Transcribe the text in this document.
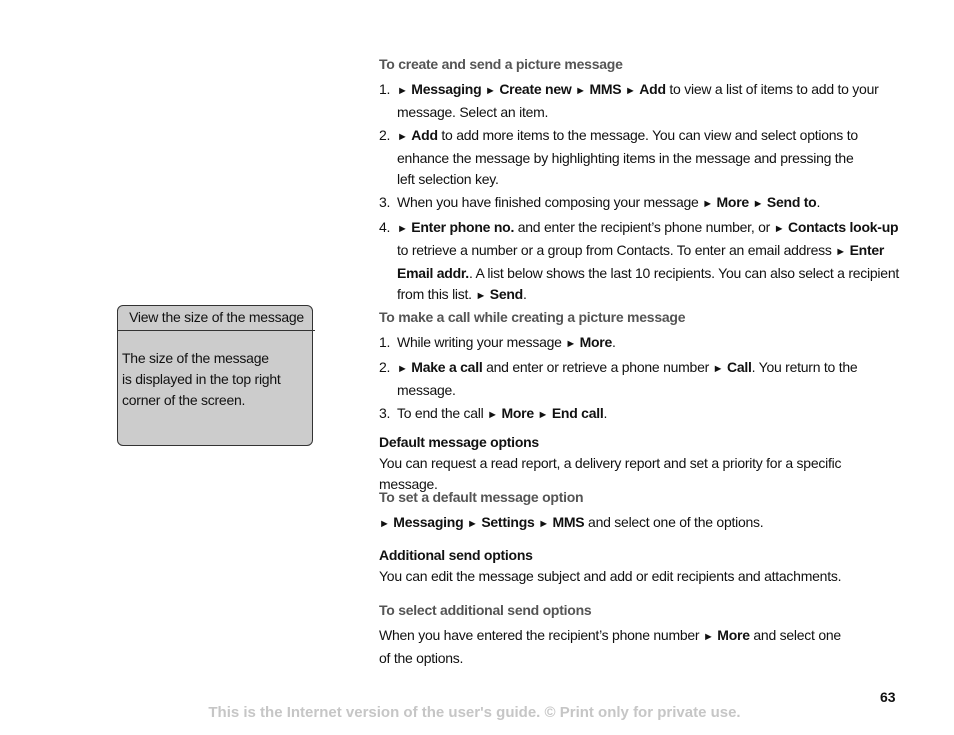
View the size of the message
The size of the message
is displayed in the top right
corner of the screen.

To create and send a picture message

1. ► Messaging ► Create new ► MMS ► Add to view a list of items to add to your message. Select an item.
2. ► Add to add more items to the message. You can view and select options to enhance the message by highlighting items in the message and pressing the left selection key.
3. When you have finished composing your message ► More ► Send to.
4. ► Enter phone no. and enter the recipient’s phone number, or ► Contacts look-up to retrieve a number or a group from Contacts. To enter an email address ► Enter Email addr.. A list below shows the last 10 recipients. You can also select a recipient from this list. ► Send.

To make a call while creating a picture message

1. While writing your message ► More.
2. ► Make a call and enter or retrieve a phone number ► Call. You return to the message.
3. To end the call ► More ► End call.

Default message options

You can request a read report, a delivery report and set a priority for a specific message.

To set a default message option

► Messaging ► Settings ► MMS and select one of the options.

Additional send options

You can edit the message subject and add or edit recipients and attachments.

To select additional send options

When you have entered the recipient’s phone number ► More and select one of the options.

63
This is the Internet version of the user's guide. © Print only for private use.
